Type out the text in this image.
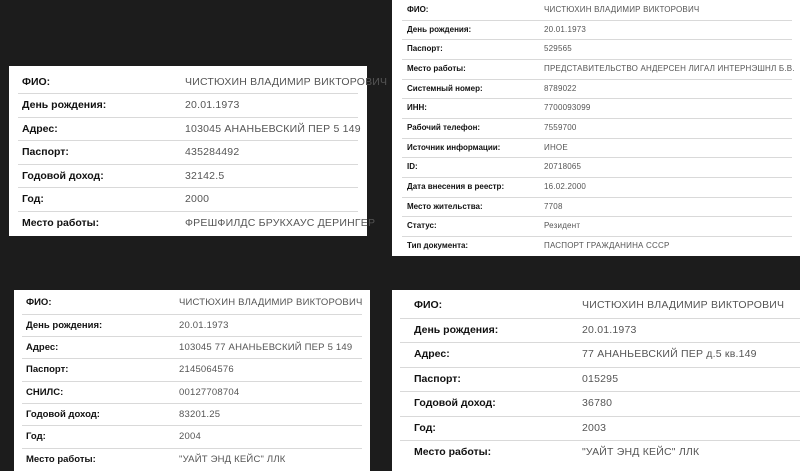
ФИО:	ЧИСТЮХИН ВЛАДИМИР ВИКТОРОВИЧ
День рождения:	20.01.1973
Адрес:	103045 АНАНЬЕВСКИЙ ПЕР 5 149
Паспорт:	435284492
Годовой доход:	32142.5
Год:	2000
Место работы:	ФРЕШФИЛДС БРУКХАУС ДЕРИНГЕР
ФИО:	ЧИСТЮХИН ВЛАДИМИР ВИКТОРОВИЧ
День рождения:	20.01.1973
Паспорт:	529565
Место работы:	ПРЕДСТАВИТЕЛЬСТВО АНДЕРСЕН ЛИГАЛ ИНТЕРНЭШНЛ Б.В.
Системный номер:	8789022
ИНН:	7700093099
Рабочий телефон:	7559700
Источник информации:	ИНОЕ
ID:	20718065
Дата внесения в реестр:	16.02.2000
Место жительства:	7708
Статус:	Резидент
Тип документа:	ПАСПОРТ ГРАЖДАНИНА СССР
ФИО:	ЧИСТЮХИН ВЛАДИМИР ВИКТОРОВИЧ
День рождения:	20.01.1973
Адрес:	103045 77 АНАНЬЕВСКИЙ ПЕР 5 149
Паспорт:	2145064576
СНИЛС:	00127708704
Годовой доход:	83201.25
Год:	2004
Место работы:	"УАЙТ ЭНД КЕЙС" ЛЛК
ФИО:	ЧИСТЮХИН ВЛАДИМИР ВИКТОРОВИЧ
День рождения:	20.01.1973
Адрес:	77 АНАНЬЕВСКИЙ ПЕР д.5 кв.149
Паспорт:	015295
Годовой доход:	36780
Год:	2003
Место работы:	"УАЙТ ЭНД КЕЙС" ЛЛК
